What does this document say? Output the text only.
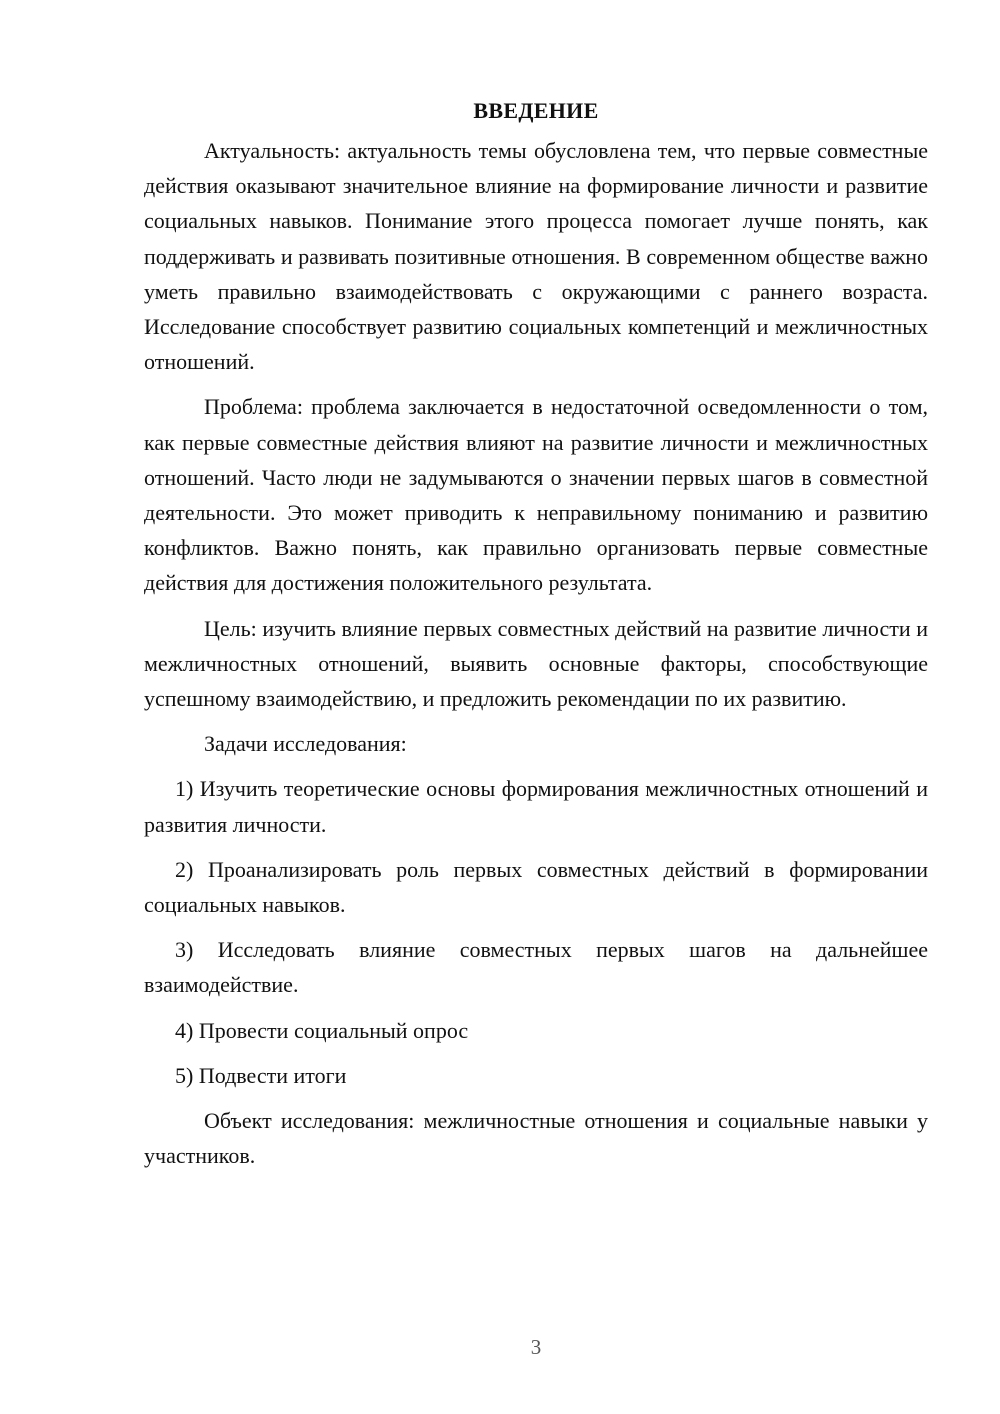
ВВЕДЕНИЕ

Актуальность: актуальность темы обусловлена тем, что первые совместные действия оказывают значительное влияние на формирование личности и развитие социальных навыков. Понимание этого процесса помогает лучше понять, как поддерживать и развивать позитивные отношения. В современном обществе важно уметь правильно взаимодействовать с окружающими с раннего возраста. Исследование способствует развитию социальных компетенций и межличностных отношений.

Проблема: проблема заключается в недостаточной осведомленности о том, как первые совместные действия влияют на развитие личности и межличностных отношений. Часто люди не задумываются о значении первых шагов в совместной деятельности. Это может приводить к неправильному пониманию и развитию конфликтов. Важно понять, как правильно организовать первые совместные действия для достижения положительного результата.

Цель: изучить влияние первых совместных действий на развитие личности и межличностных отношений, выявить основные факторы, способствующие успешному взаимодействию, и предложить рекомендации по их развитию.

Задачи исследования:

1) Изучить теоретические основы формирования межличностных отношений и развития личности.

2) Проанализировать роль первых совместных действий в формировании социальных навыков.

3) Исследовать влияние совместных первых шагов на дальнейшее взаимодействие.

4) Провести социальный опрос

5) Подвести итоги

Объект исследования: межличностные отношения и социальные навыки у участников.

3
